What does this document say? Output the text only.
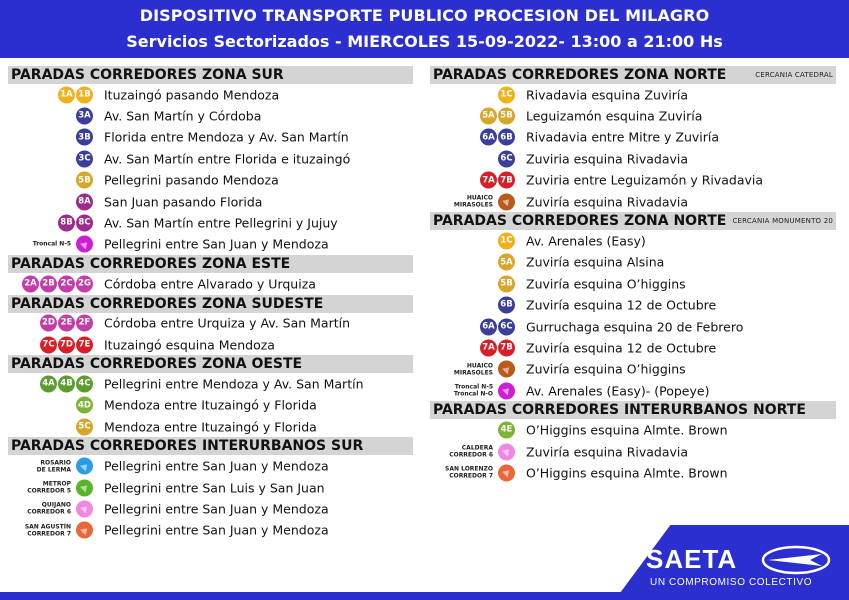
DISPOSITIVO TRANSPORTE PUBLICO PROCESION DEL MILAGRO
Servicios Sectorizados - MIERCOLES 15-09-2022- 13:00 a 21:00 Hs
PARADAS CORREDORES ZONA SUR
1A 1B Ituzaingó pasando Mendoza
3A Av. San Martín y Córdoba
3B Florida entre Mendoza y Av. San Martín
3C Av. San Martín entre Florida e ituzaingó
5B Pellegrini pasando Mendoza
8A San Juan pasando Florida
8B 8C Av. San Martín entre Pellegrini y Jujuy
Troncal N-5	Pellegrini entre San Juan y Mendoza
PARADAS CORREDORES ZONA ESTE
2A 2B 2C 2G Córdoba entre Alvarado y Urquiza
PARADAS CORREDORES ZONA SUDESTE
2D 2E 2F Córdoba entre Urquiza y Av. San Martín
7C 7D 7E Ituzaingó esquina Mendoza
PARADAS CORREDORES ZONA OESTE
4A 4B 4C Pellegrini entre Mendoza y Av. San Martín
4D Mendoza entre Ituzaingó y Florida
5C Mendoza entre Ituzaingó y Florida
PARADAS CORREDORES INTERURBANOS SUR
ROSARIO
DE LERMA	Pellegrini entre San Juan y Mendoza
METROP
CORREDOR 5	Pellegrini entre San Luis y San Juan
QUIJANO
CORREDOR 6	Pellegrini entre San Juan y Mendoza
SAN AGUSTÍN
CORREDOR 7	Pellegrini entre San Juan y Mendoza
PARADAS CORREDORES ZONA NORTE	CERCANIA CATEDRAL
1C Rivadavia esquina Zuviría
5A 5B Leguizamón esquina Zuviría
6A 6B Rivadavia entre Mitre y Zuviría
6C Zuviria esquina Rivadavia
7A 7B Zuviria entre Leguizamón y Rivadavia
HUAICO
MIRASOLES	Zuviría esquina Rivadavia
PARADAS CORREDORES ZONA NORTE CERCANIA MONUMENTO 20
1C Av. Arenales (Easy)
5A Zuviría esquina Alsina
5B Zuviría esquina O’higgins
6B Zuviría esquina 12 de Octubre
6A 6C Gurruchaga esquina 20 de Febrero
7A 7B Zuviría esquina 12 de Octubre
HUAICO
MIRASOLES	Zuviría esquina O’higgins
Troncal N-5
Troncal N-O	Av. Arenales (Easy)- (Popeye)
PARADAS CORREDORES INTERURBANOS NORTE
4E O’Higgins esquina Almte. Brown
CALDERA
CORREDOR 6	Zuviría esquina Rivadavia
SAN LORENZO
CORREDOR 7	O’Higgins esquina Almte. Brown
SAETA
UN COMPROMISO COLECTIVO
